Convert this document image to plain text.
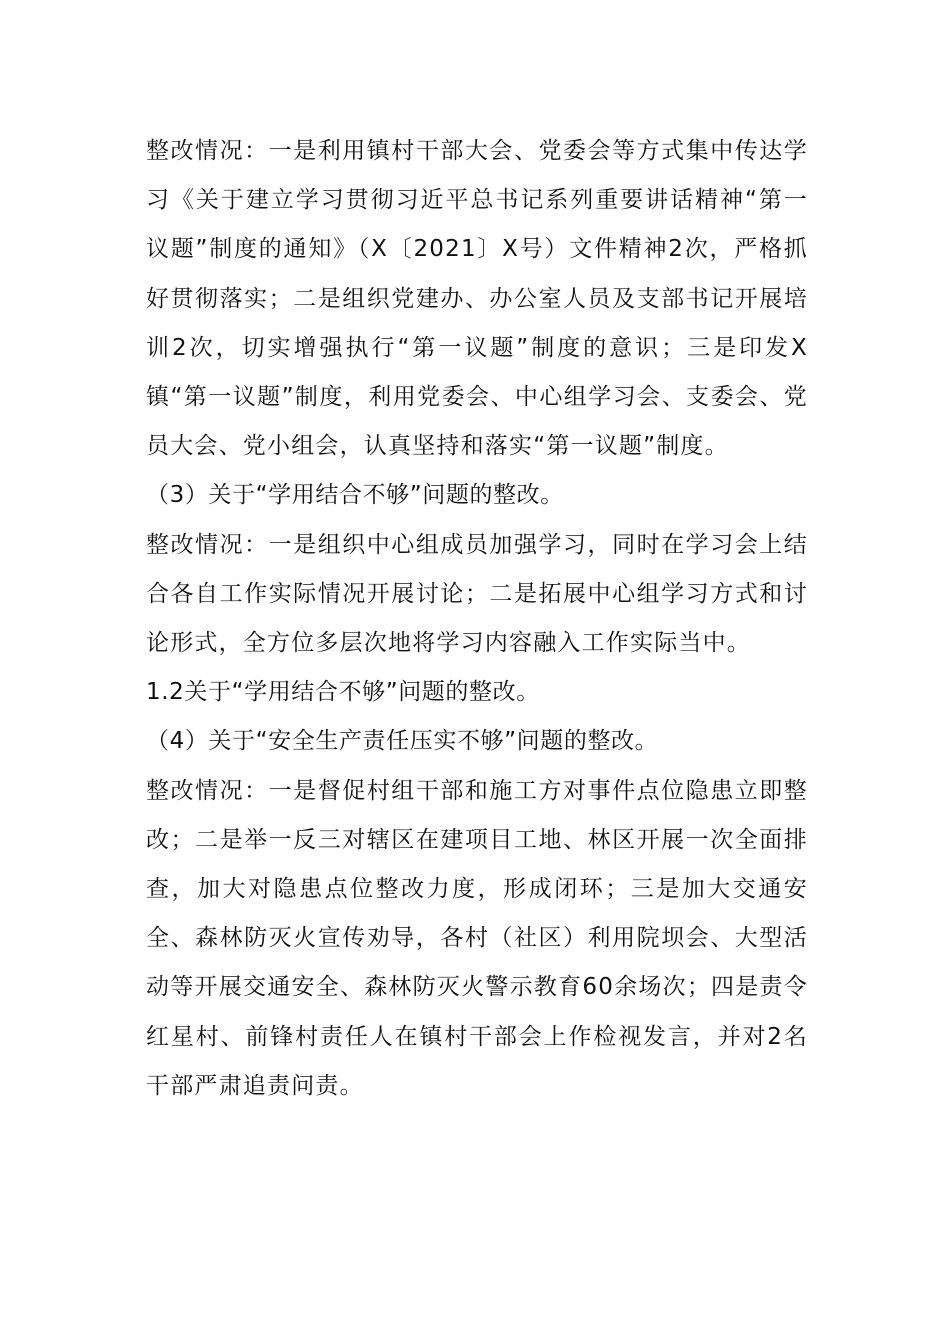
整改情况：一是利用镇村干部大会、党委会等方式集中传达学习《关于建立学习贯彻习近平总书记系列重要讲话精神“第一议题”制度的通知》（X〔2021〕X号）文件精神2次，严格抓好贯彻落实；二是组织党建办、办公室人员及支部书记开展培训2次，切实增强执行“第一议题”制度的意识；三是印发X镇“第一议题”制度，利用党委会、中心组学习会、支委会、党员大会、党小组会，认真坚持和落实“第一议题”制度。

（3）关于“学用结合不够”问题的整改。

整改情况：一是组织中心组成员加强学习，同时在学习会上结合各自工作实际情况开展讨论；二是拓展中心组学习方式和讨论形式，全方位多层次地将学习内容融入工作实际当中。

1.2关于“学用结合不够”问题的整改。

（4）关于“安全生产责任压实不够”问题的整改。

整改情况：一是督促村组干部和施工方对事件点位隐患立即整改；二是举一反三对辖区在建项目工地、林区开展一次全面排查，加大对隐患点位整改力度，形成闭环；三是加大交通安全、森林防灭火宣传劝导，各村（社区）利用院坝会、大型活动等开展交通安全、森林防灭火警示教育60余场次；四是责令红星村、前锋村责任人在镇村干部会上作检视发言，并对2名干部严肃追责问责。
